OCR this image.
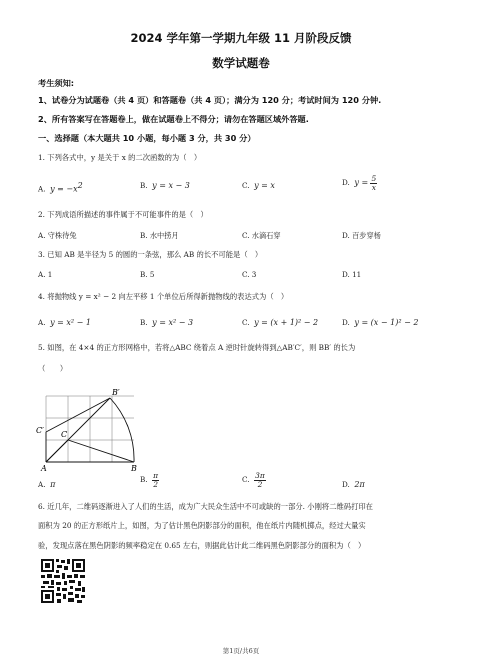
2024 学年第一学期九年级 11 月阶段反馈
数学试题卷
考生须知:
1、试卷分为试题卷（共 4 页）和答题卷（共 4 页）；满分为 120 分；考试时间为 120 分钟.
2、所有答案写在答题卷上，做在试题卷上不得分；请勿在答题区域外答题.
一、选择题（本大题共 10 小题，每小题 3 分，共 30 分）
1. 下列各式中，y 是关于 x 的二次函数的为（　）
A. $y = -x^2$	B. y = x − 3	C. y = x	D. $y = \frac{5}{x}$
2. 下列成语所描述的事件属于不可能事件的是（　）
A. 守株待兔	B. 水中捞月	C. 水滴石穿	D. 百步穿杨
3. 已知 AB 是半径为 5 的圆的一条弦，那么 AB 的长不可能是（　）
A. 1	B. 5	C. 3	D. 11
4. 将抛物线 y = x² − 2 向左平移 1 个单位后所得新抛物线的表达式为（　）
A. y = x² − 1	B. y = x² − 3	C. y = (x + 1)² − 2	D. y = (x − 1)² − 2
5. 如图，在 4×4 的正方形网格中，若将△ABC 绕着点 A 逆时针旋转得到△AB′C′，则 BB′ 的长为
（　　）
B′
C′ C
A	B
A. π
B. $\frac{\pi}{2}$	C. $\frac{3\pi}{2}$	D. 2π
6. 近几年，二维码逐渐进入了人们的生活，成为广大民众生活中不可或缺的一部分. 小刚将二维码打印在
面积为 20 的正方形纸片上，如图，为了估计黑色阴影部分的面积，他在纸片内随机掷点，经过大量实
验，发现点落在黑色阴影的频率稳定在 0.65 左右，则据此估计此二维码黑色阴影部分的面积为（　）
第1页/共6页
